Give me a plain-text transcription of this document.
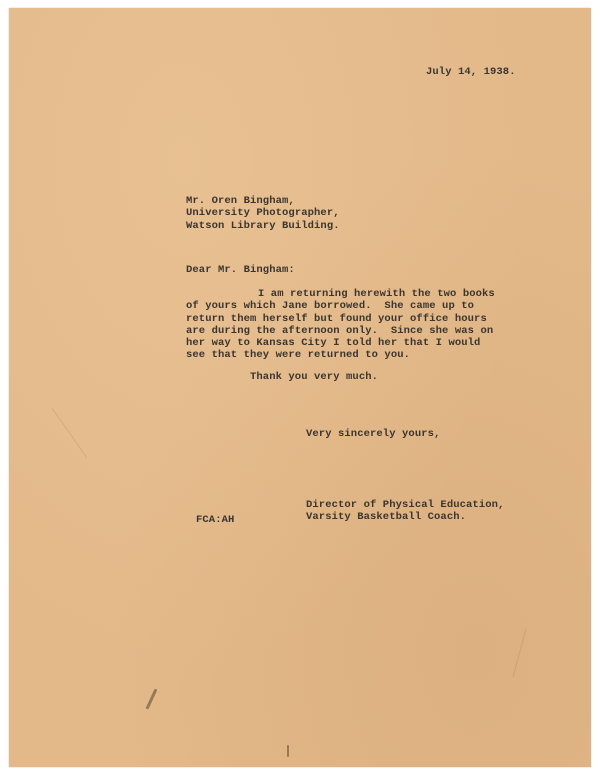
July 14, 1938.
Mr. Oren Bingham,
University Photographer,
Watson Library Building.
Dear Mr. Bingham:
I am returning herewith the two books
of yours which Jane borrowed.  She came up to
return them herself but found your office hours
are during the afternoon only.  Since she was on
her way to Kansas City I told her that I would
see that they were returned to you.
Thank you very much.
Very sincerely yours,
Director of Physical Education,
Varsity Basketball Coach.
FCA:AH
